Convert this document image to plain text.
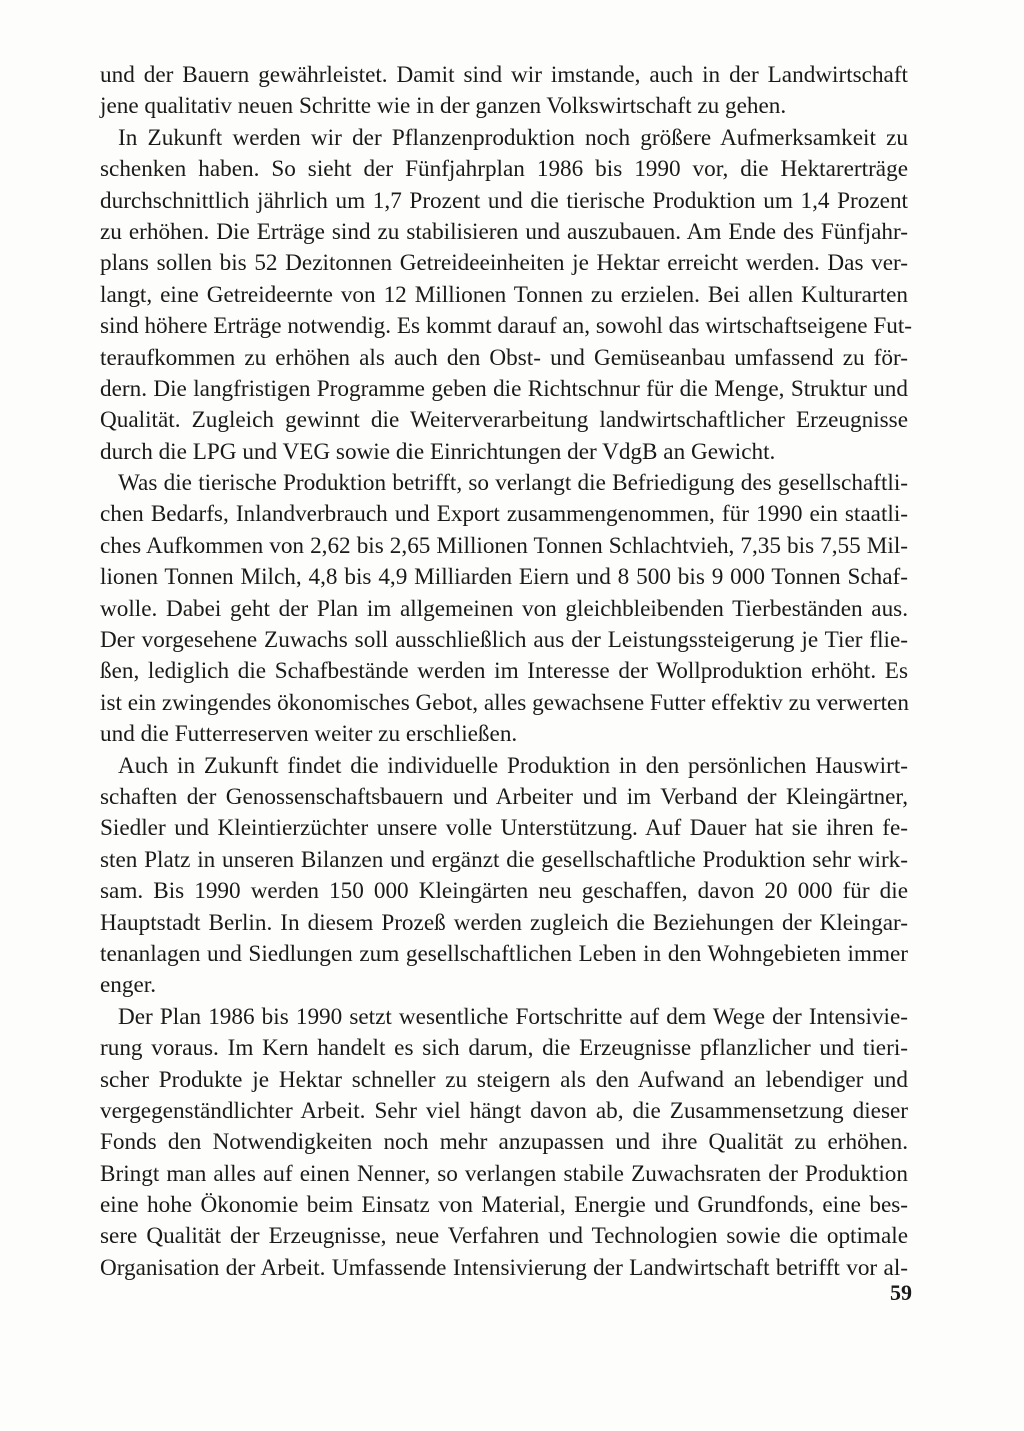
und der Bauern gewährleistet. Damit sind wir imstande, auch in der Landwirtschaft
jene qualitativ neuen Schritte wie in der ganzen Volkswirtschaft zu gehen.
In Zukunft werden wir der Pflanzenproduktion noch größere Aufmerksamkeit zu
schenken haben. So sieht der Fünfjahrplan 1986 bis 1990 vor, die Hektarerträge
durchschnittlich jährlich um 1,7 Prozent und die tierische Produktion um 1,4 Prozent
zu erhöhen. Die Erträge sind zu stabilisieren und auszubauen. Am Ende des Fünfjahr-
plans sollen bis 52 Dezitonnen Getreideeinheiten je Hektar erreicht werden. Das ver-
langt, eine Getreideernte von 12 Millionen Tonnen zu erzielen. Bei allen Kulturarten
sind höhere Erträge notwendig. Es kommt darauf an, sowohl das wirtschaftseigene Fut-
teraufkommen zu erhöhen als auch den Obst- und Gemüseanbau umfassend zu för-
dern. Die langfristigen Programme geben die Richtschnur für die Menge, Struktur und
Qualität. Zugleich gewinnt die Weiterverarbeitung landwirtschaftlicher Erzeugnisse
durch die LPG und VEG sowie die Einrichtungen der VdgB an Gewicht.
Was die tierische Produktion betrifft, so verlangt die Befriedigung des gesellschaftli-
chen Bedarfs, Inlandverbrauch und Export zusammengenommen, für 1990 ein staatli-
ches Aufkommen von 2,62 bis 2,65 Millionen Tonnen Schlachtvieh, 7,35 bis 7,55 Mil-
lionen Tonnen Milch, 4,8 bis 4,9 Milliarden Eiern und 8 500 bis 9 000 Tonnen Schaf-
wolle. Dabei geht der Plan im allgemeinen von gleichbleibenden Tierbeständen aus.
Der vorgesehene Zuwachs soll ausschließlich aus der Leistungssteigerung je Tier flie-
ßen, lediglich die Schafbestände werden im Interesse der Wollproduktion erhöht. Es
ist ein zwingendes ökonomisches Gebot, alles gewachsene Futter effektiv zu verwerten
und die Futterreserven weiter zu erschließen.
Auch in Zukunft findet die individuelle Produktion in den persönlichen Hauswirt-
schaften der Genossenschaftsbauern und Arbeiter und im Verband der Kleingärtner,
Siedler und Kleintierzüchter unsere volle Unterstützung. Auf Dauer hat sie ihren fe-
sten Platz in unseren Bilanzen und ergänzt die gesellschaftliche Produktion sehr wirk-
sam. Bis 1990 werden 150 000 Kleingärten neu geschaffen, davon 20 000 für die
Hauptstadt Berlin. In diesem Prozeß werden zugleich die Beziehungen der Kleingar-
tenanlagen und Siedlungen zum gesellschaftlichen Leben in den Wohngebieten immer
enger.
Der Plan 1986 bis 1990 setzt wesentliche Fortschritte auf dem Wege der Intensivie-
rung voraus. Im Kern handelt es sich darum, die Erzeugnisse pflanzlicher und tieri-
scher Produkte je Hektar schneller zu steigern als den Aufwand an lebendiger und
vergegenständlichter Arbeit. Sehr viel hängt davon ab, die Zusammensetzung dieser
Fonds den Notwendigkeiten noch mehr anzupassen und ihre Qualität zu erhöhen.
Bringt man alles auf einen Nenner, so verlangen stabile Zuwachsraten der Produktion
eine hohe Ökonomie beim Einsatz von Material, Energie und Grundfonds, eine bes-
sere Qualität der Erzeugnisse, neue Verfahren und Technologien sowie die optimale
Organisation der Arbeit. Umfassende Intensivierung der Landwirtschaft betrifft vor al-
59
